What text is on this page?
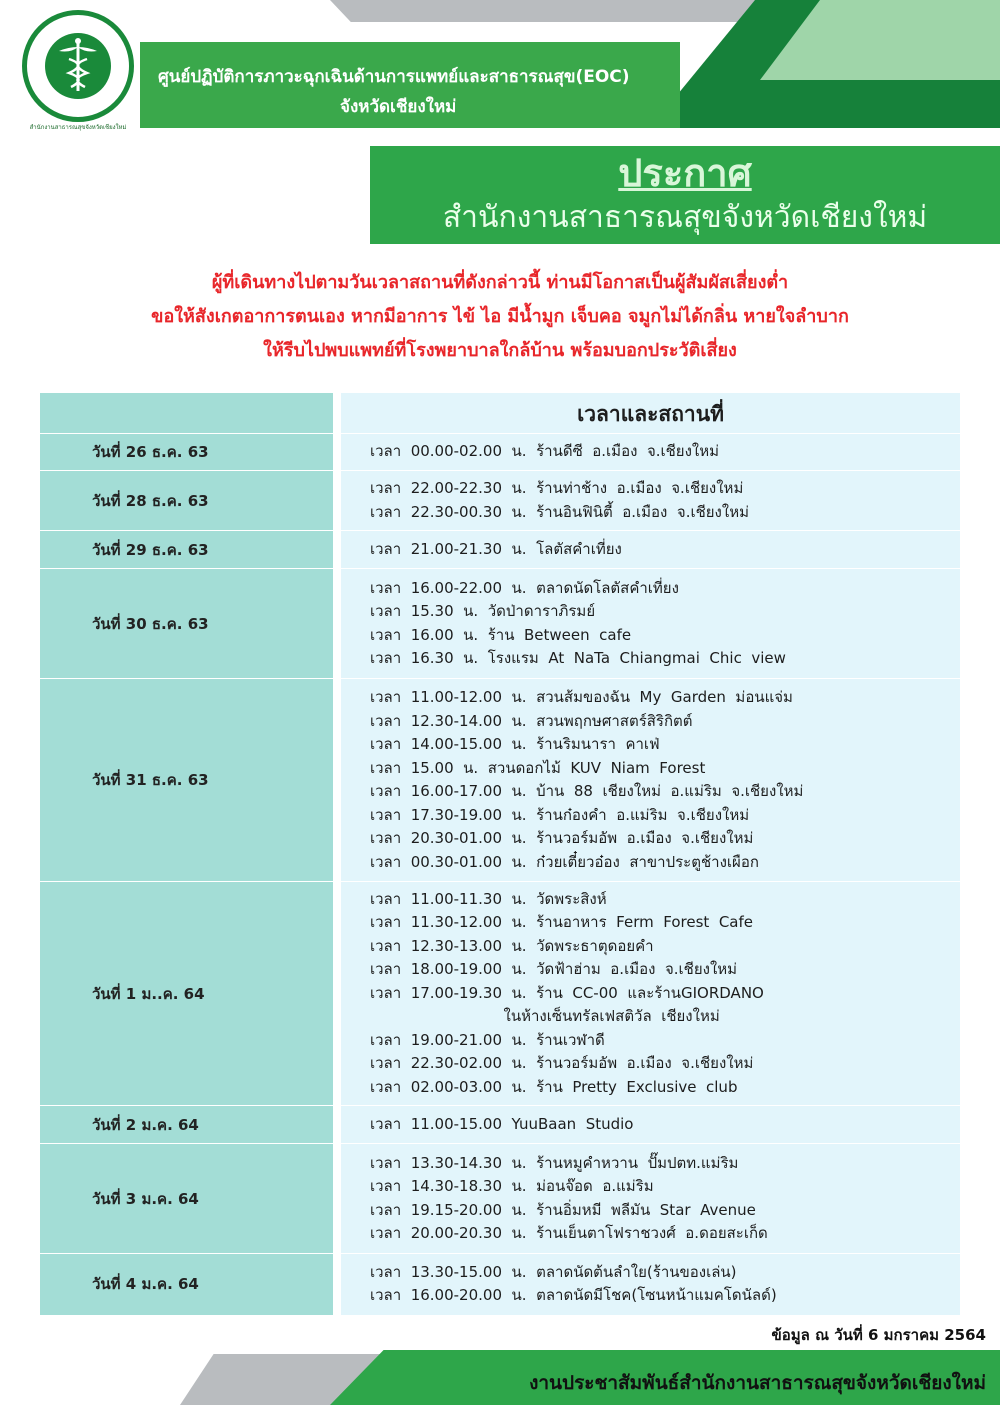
สำนักงานสาธารณสุขจังหวัดเชียงใหม่
ศูนย์ปฏิบัติการภาวะฉุกเฉินด้านการแพทย์และสาธารณสุข(EOC)
จังหวัดเชียงใหม่
ประกาศ
สำนักงานสาธารณสุขจังหวัดเชียงใหม่
ผู้ที่เดินทางไปตามวันเวลาสถานที่ดังกล่าวนี้ ท่านมีโอกาสเป็นผู้สัมผัสเสี่ยงต่ำ
ขอให้สังเกตอาการตนเอง หากมีอาการ ไข้ ไอ มีน้ำมูก เจ็บคอ จมูกไม่ได้กลิ่น หายใจลำบาก
ให้รีบไปพบแพทย์ที่โรงพยาบาลใกล้บ้าน พร้อมบอกประวัติเสี่ยง
เวลาและสถานที่
วันที่ 26 ธ.ค. 63	เวลา  00.00-02.00  น.  ร้านดีซี  อ.เมือง  จ.เชียงใหม่
วันที่ 28 ธ.ค. 63
เวลา  22.00-22.30  น.  ร้านท่าช้าง  อ.เมือง  จ.เชียงใหม่
เวลา  22.30-00.30  น.  ร้านอินฟินิตี้  อ.เมือง  จ.เชียงใหม่
วันที่ 29 ธ.ค. 63	เวลา  21.00-21.30  น.  โลตัสคำเที่ยง
วันที่ 30 ธ.ค. 63
เวลา  16.00-22.00  น.  ตลาดนัดโลตัสคำเที่ยง
เวลา  15.30  น.  วัดป่าดาราภิรมย์
เวลา  16.00  น.  ร้าน  Between  cafe
เวลา  16.30  น.  โรงแรม  At  NaTa  Chiangmai  Chic  view
วันที่ 31 ธ.ค. 63
เวลา  11.00-12.00  น.  สวนส้มของฉัน  My  Garden  ม่อนแจ่ม
เวลา  12.30-14.00  น.  สวนพฤกษศาสตร์สิริกิตต์
เวลา  14.00-15.00  น.  ร้านริมนารา  คาเฟ่
เวลา  15.00  น.  สวนดอกไม้  KUV  Niam  Forest
เวลา  16.00-17.00  น.  บ้าน  88  เชียงใหม่  อ.แม่ริม  จ.เชียงใหม่
เวลา  17.30-19.00  น.  ร้านก๋องคำ  อ.แม่ริม  จ.เชียงใหม่
เวลา  20.30-01.00  น.  ร้านวอร์มอัพ  อ.เมือง  จ.เชียงใหม่
เวลา  00.30-01.00  น.  ก๋วยเตี๋ยวอ๋อง  สาขาประตูช้างเผือก
วันที่ 1 ม..ค. 64
เวลา  11.00-11.30  น.  วัดพระสิงห์
เวลา  11.30-12.00  น.  ร้านอาหาร  Ferm  Forest  Cafe
เวลา  12.30-13.00  น.  วัดพระธาตุดอยคำ
เวลา  18.00-19.00  น.  วัดฟ้าฮ่าม  อ.เมือง  จ.เชียงใหม่
เวลา  17.00-19.30  น.  ร้าน  CC-00  และร้านGIORDANO
ในห้างเซ็นทรัลเฟสติวัล  เชียงใหม่
เวลา  19.00-21.00  น.  ร้านเวฬาดี
เวลา  22.30-02.00  น.  ร้านวอร์มอัพ  อ.เมือง  จ.เชียงใหม่
เวลา  02.00-03.00  น.  ร้าน  Pretty  Exclusive  club
วันที่ 2 ม.ค. 64	เวลา  11.00-15.00  YuuBaan  Studio
วันที่ 3 ม.ค. 64
เวลา  13.30-14.30  น.  ร้านหมูคำหวาน  ปั๊มปตท.แม่ริม
เวลา  14.30-18.30  น.  ม่อนจ๊อด  อ.แม่ริม
เวลา  19.15-20.00  น.  ร้านอิ่มหมี  พลีมัน  Star  Avenue
เวลา  20.00-20.30  น.  ร้านเย็นตาโฟราชวงศ์  อ.ดอยสะเก็ด
วันที่ 4 ม.ค. 64
เวลา  13.30-15.00  น.  ตลาดนัดต้นลำใย(ร้านของเล่น)
เวลา  16.00-20.00  น.  ตลาดนัดมีโชค(โซนหน้าแมคโดนัลด์)
ข้อมูล ณ วันที่ 6 มกราคม 2564
งานประชาสัมพันธ์สำนักงานสาธารณสุขจังหวัดเชียงใหม่
